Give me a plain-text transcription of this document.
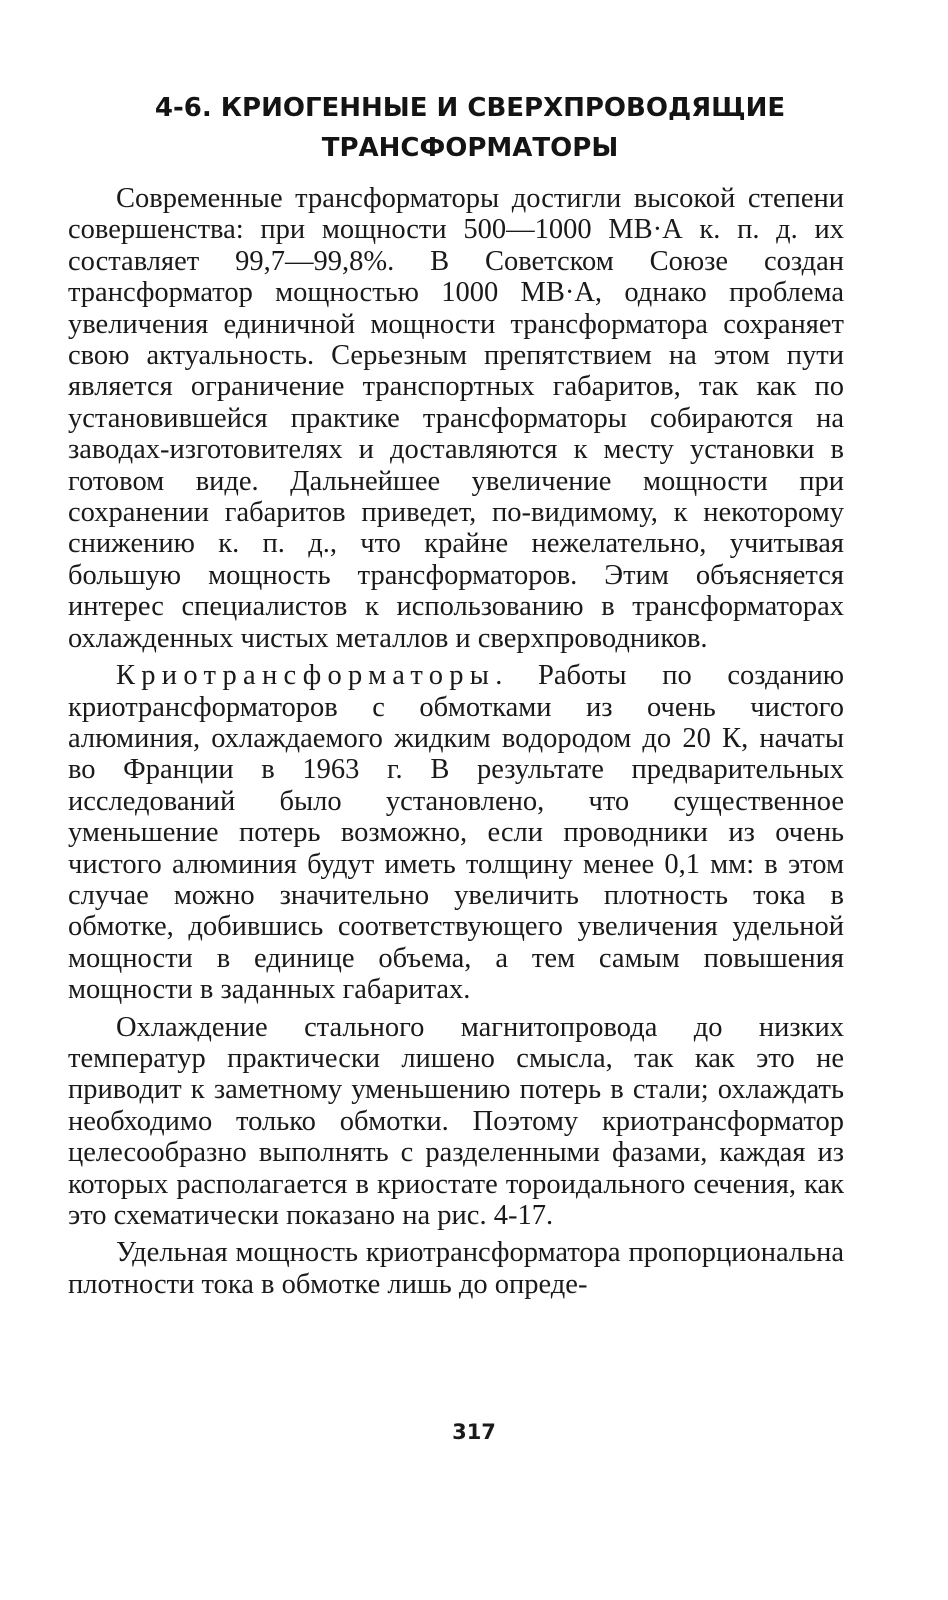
4-6. КРИОГЕННЫЕ И СВЕРХПРОВОДЯЩИЕ
ТРАНСФОРМАТОРЫ

Современные трансформаторы достигли высокой степени совершенства: при мощности 500—1000 МВ·А к. п. д. их составляет 99,7—99,8%. В Советском Союзе создан трансформатор мощностью 1000 МВ·А, однако проблема увеличения единичной мощности трансформатора сохраняет свою актуальность. Серьезным препятствием на этом пути является ограничение транспортных габаритов, так как по установившейся практике трансформаторы собираются на заводах-изготовителях и доставляются к месту установки в готовом виде. Дальнейшее увеличение мощности при сохранении габаритов приведет, по-видимому, к некоторому снижению к. п. д., что крайне нежелательно, учитывая большую мощность трансформаторов. Этим объясняется интерес специалистов к использованию в трансформаторах охлажденных чистых металлов и сверхпроводников.

Криотрансформаторы. Работы по созданию криотрансформаторов с обмотками из очень чистого алюминия, охлаждаемого жидким водородом до 20 К, начаты во Франции в 1963 г. В результате предварительных исследований было установлено, что существенное уменьшение потерь возможно, если проводники из очень чистого алюминия будут иметь толщину менее 0,1 мм: в этом случае можно значительно увеличить плотность тока в обмотке, добившись соответствующего увеличения удельной мощности в единице объема, а тем самым повышения мощности в заданных габаритах.

Охлаждение стального магнитопровода до низких температур практически лишено смысла, так как это не приводит к заметному уменьшению потерь в стали; охлаждать необходимо только обмотки. Поэтому криотрансформатор целесообразно выполнять с разделенными фазами, каждая из которых располагается в криостате тороидального сечения, как это схематически показано на рис. 4-17.

Удельная мощность криотрансформатора пропорциональна плотности тока в обмотке лишь до опреде-

317
